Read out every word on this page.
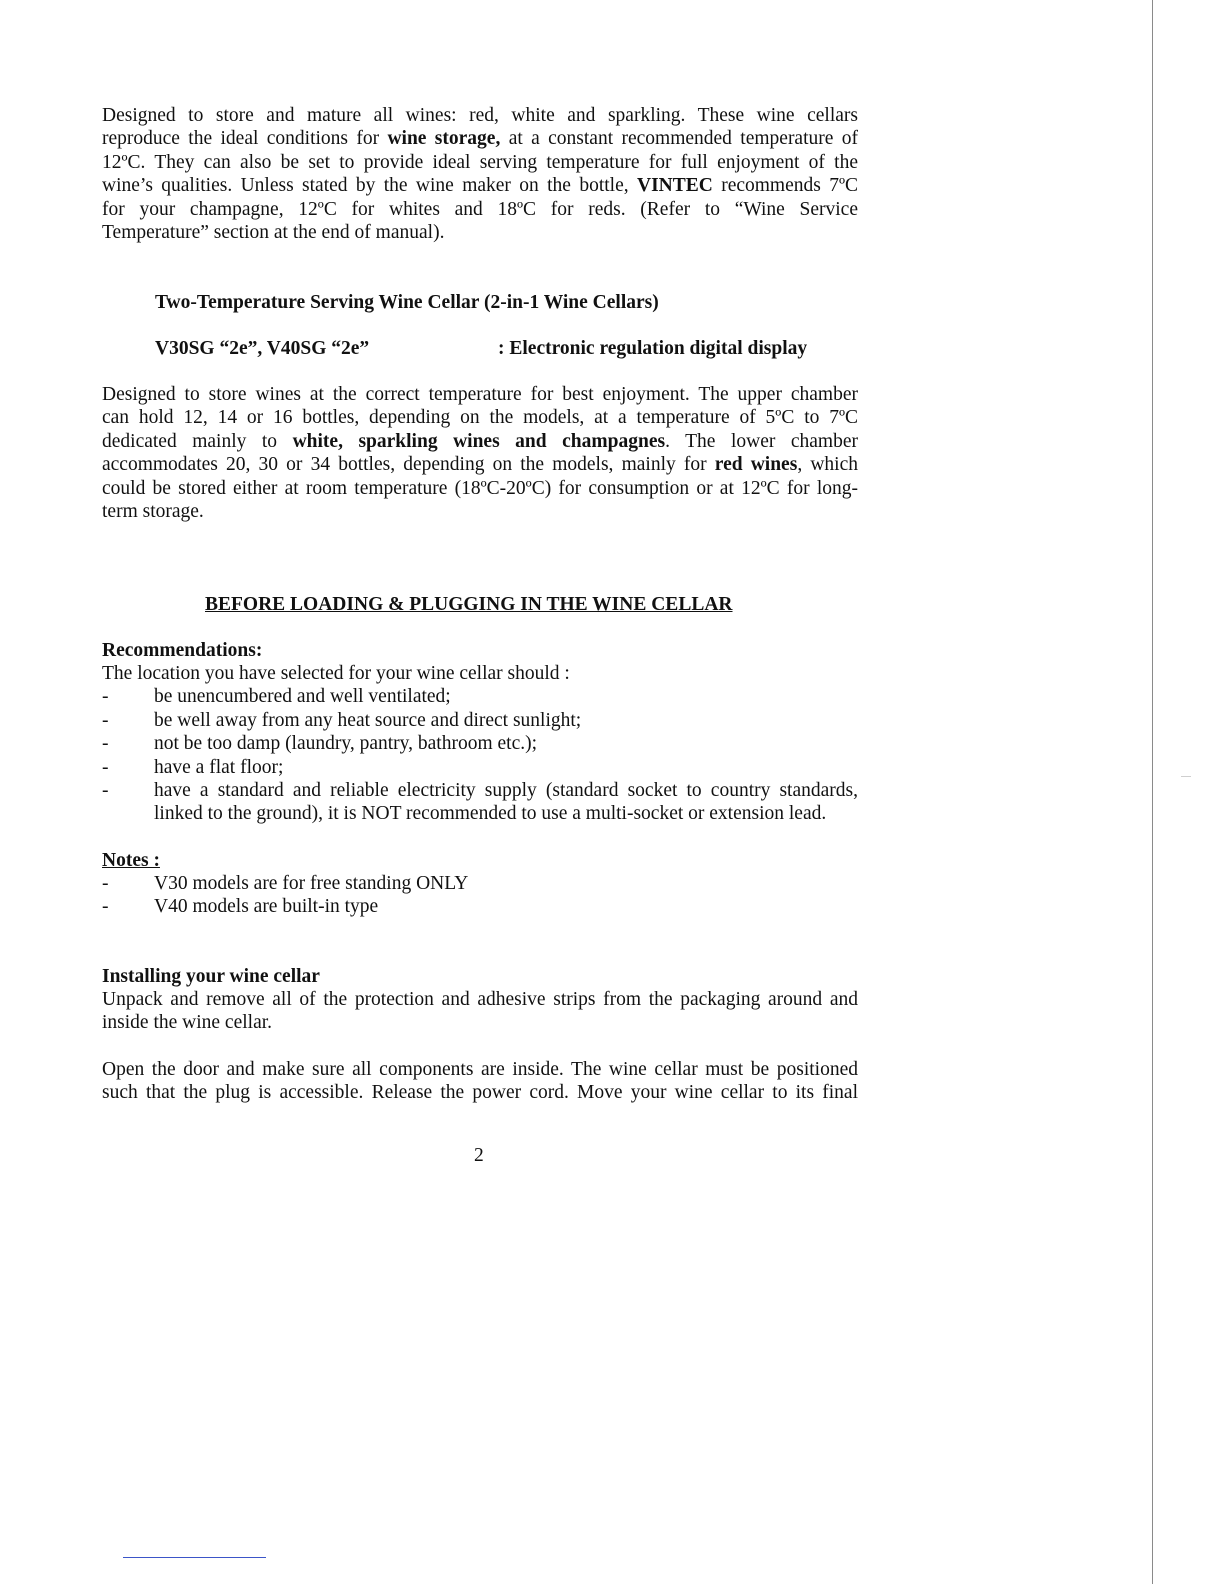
Designed to store and mature all wines: red, white and sparkling. These wine cellars
reproduce the ideal conditions for wine storage, at a constant recommended temperature of
12ºC. They can also be set to provide ideal serving temperature for full enjoyment of the
wine’s qualities. Unless stated by the wine maker on the bottle, VINTEC recommends 7ºC
for your champagne, 12ºC for whites and 18ºC for reds. (Refer to “Wine Service
Temperature” section at the end of manual).
Two-Temperature Serving Wine Cellar (2-in-1 Wine Cellars)
V30SG “2e”, V40SG “2e”	: Electronic regulation digital display
Designed to store wines at the correct temperature for best enjoyment. The upper chamber
can hold 12, 14 or 16 bottles, depending on the models, at a temperature of 5ºC to 7ºC
dedicated mainly to white, sparkling wines and champagnes. The lower chamber
accommodates 20, 30 or 34 bottles, depending on the models, mainly for red wines, which
could be stored either at room temperature (18ºC-20ºC) for consumption or at 12ºC for long-
term storage.
BEFORE LOADING & PLUGGING IN THE WINE CELLAR
Recommendations:
The location you have selected for your wine cellar should :
- be unencumbered and well ventilated;
- be well away from any heat source and direct sunlight;
- not be too damp (laundry, pantry, bathroom etc.);
- have a flat floor;
- have a standard and reliable electricity supply (standard socket to country standards,
linked to the ground), it is NOT recommended to use a multi-socket or extension lead.
Notes :
- V30 models are for free standing ONLY
- V40 models are built-in type
Installing your wine cellar
Unpack and remove all of the protection and adhesive strips from the packaging around and
inside the wine cellar.
Open the door and make sure all components are inside. The wine cellar must be positioned
such that the plug is accessible. Release the power cord. Move your wine cellar to its final
2
